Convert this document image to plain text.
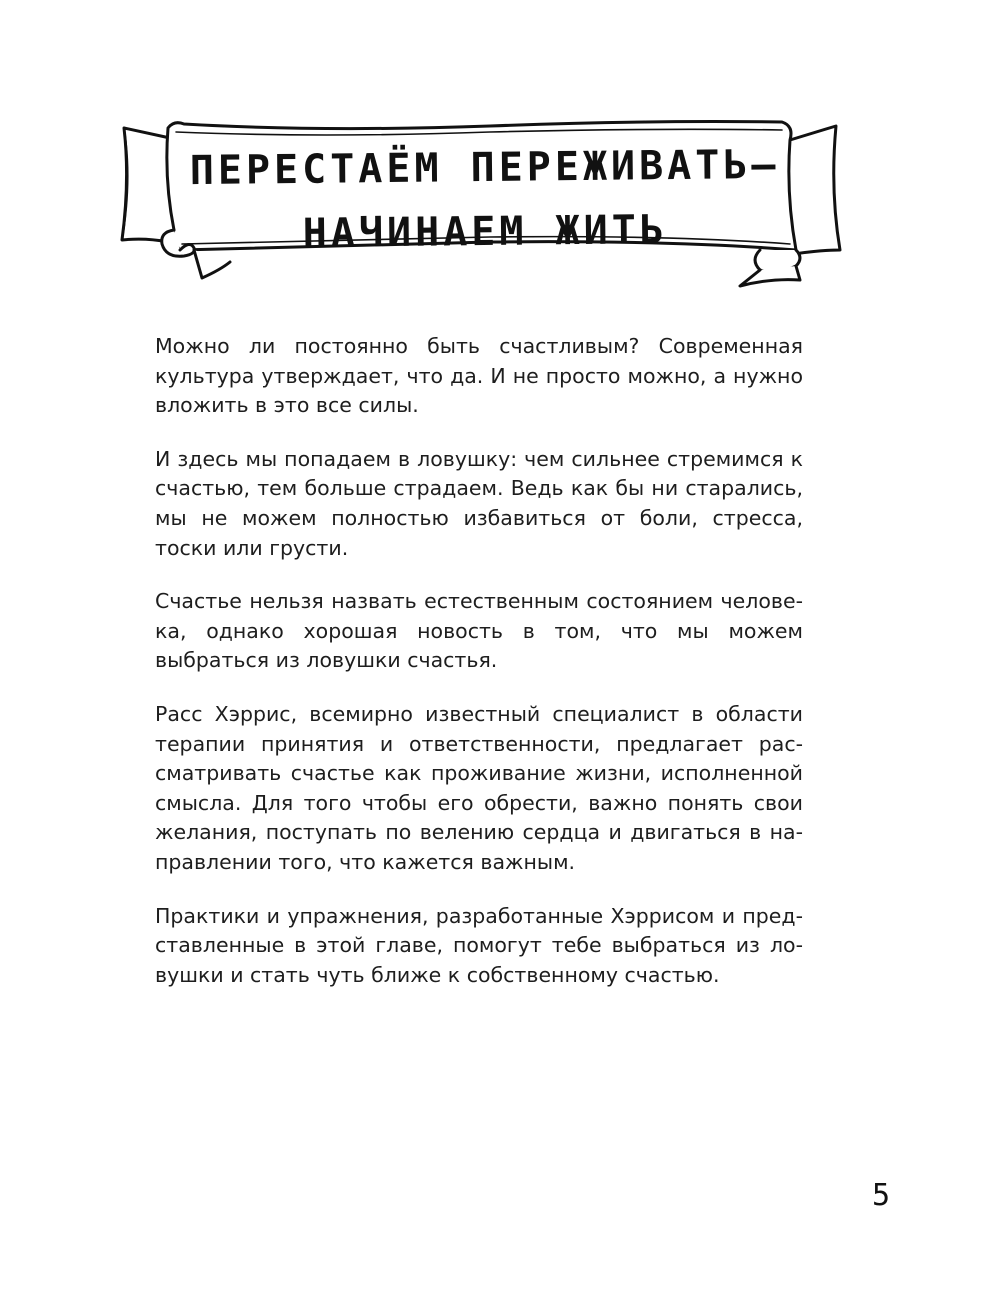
ПЕРЕСТАЁМ ПЕРЕЖИВАТЬ–
НАЧИНАЕМ ЖИТЬ

Можно ли постоянно быть счастливым? Современная культура утверждает, что да. И не просто можно, а нужно вложить в это все силы.

И здесь мы попадаем в ловушку: чем сильнее стремимся к счастью, тем больше страдаем. Ведь как бы ни старались, мы не можем полностью избавиться от боли, стресса, тоски или грусти.

Счастье нельзя назвать естественным состоянием человека, однако хорошая новость в том, что мы можем выбраться из ловушки счастья.

Расс Хэррис, всемирно известный специалист в области терапии принятия и ответственности, предлагает рассматривать счастье как проживание жизни, исполненной смысла. Для того чтобы его обрести, важно понять свои желания, поступать по велению сердца и двигаться в направлении того, что кажется важным.

Практики и упражнения, разработанные Хэррисом и представленные в этой главе, помогут тебе выбраться из ловушки и стать чуть ближе к собственному счастью.

5
